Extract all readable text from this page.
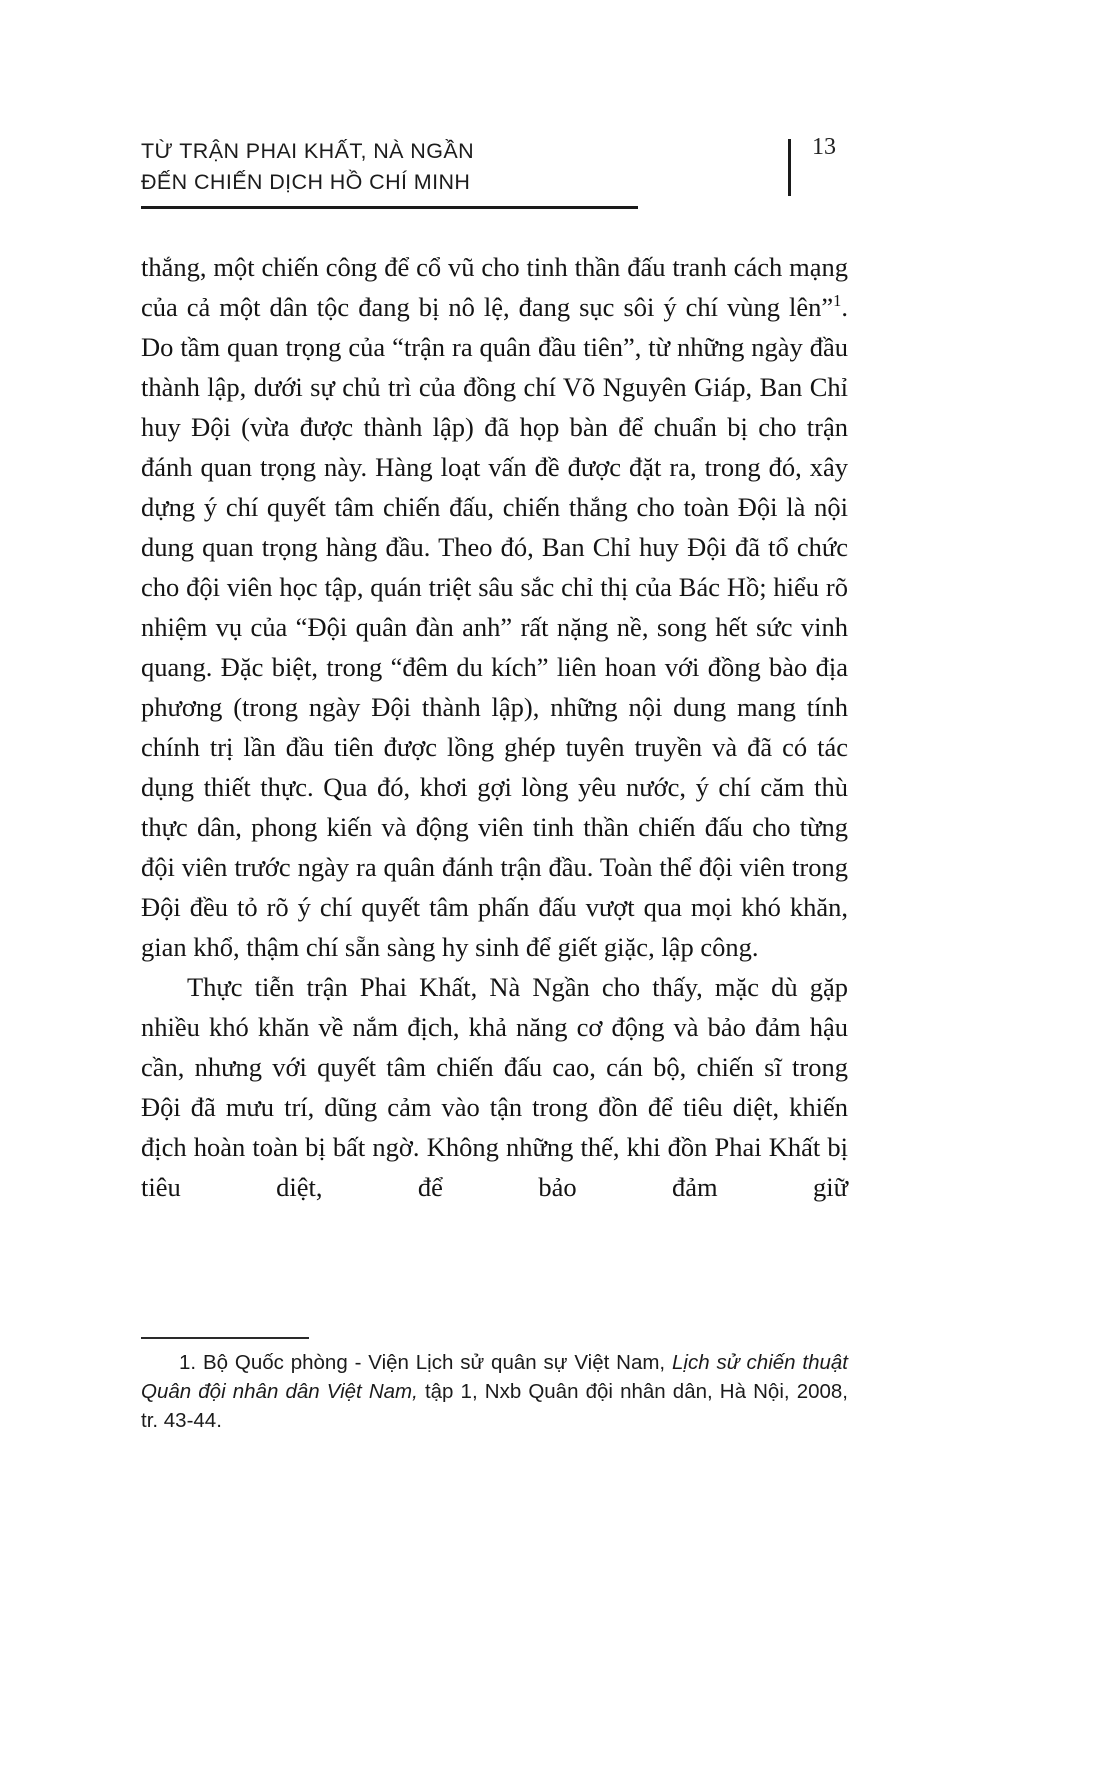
TỪ TRẬN PHAI KHẤT, NÀ NGẦN
ĐẾN CHIẾN DỊCH HỒ CHÍ MINH
13

thắng, một chiến công để cổ vũ cho tinh thần đấu tranh cách mạng của cả một dân tộc đang bị nô lệ, đang sục sôi ý chí vùng lên”$^1$. Do tầm quan trọng của “trận ra quân đầu tiên”, từ những ngày đầu thành lập, dưới sự chủ trì của đồng chí Võ Nguyên Giáp, Ban Chỉ huy Đội (vừa được thành lập) đã họp bàn để chuẩn bị cho trận đánh quan trọng này. Hàng loạt vấn đề được đặt ra, trong đó, xây dựng ý chí quyết tâm chiến đấu, chiến thắng cho toàn Đội là nội dung quan trọng hàng đầu. Theo đó, Ban Chỉ huy Đội đã tổ chức cho đội viên học tập, quán triệt sâu sắc chỉ thị của Bác Hồ; hiểu rõ nhiệm vụ của “Đội quân đàn anh” rất nặng nề, song hết sức vinh quang. Đặc biệt, trong “đêm du kích” liên hoan với đồng bào địa phương (trong ngày Đội thành lập), những nội dung mang tính chính trị lần đầu tiên được lồng ghép tuyên truyền và đã có tác dụng thiết thực. Qua đó, khơi gợi lòng yêu nước, ý chí căm thù thực dân, phong kiến và động viên tinh thần chiến đấu cho từng đội viên trước ngày ra quân đánh trận đầu. Toàn thể đội viên trong Đội đều tỏ rõ ý chí quyết tâm phấn đấu vượt qua mọi khó khăn, gian khổ, thậm chí sẵn sàng hy sinh để giết giặc, lập công.

Thực tiễn trận Phai Khất, Nà Ngần cho thấy, mặc dù gặp nhiều khó khăn về nắm địch, khả năng cơ động và bảo đảm hậu cần, nhưng với quyết tâm chiến đấu cao, cán bộ, chiến sĩ trong Đội đã mưu trí, dũng cảm vào tận trong đồn để tiêu diệt, khiến địch hoàn toàn bị bất ngờ. Không những thế, khi đồn Phai Khất bị tiêu diệt, để bảo đảm giữ

1. Bộ Quốc phòng - Viện Lịch sử quân sự Việt Nam, Lịch sử chiến thuật Quân đội nhân dân Việt Nam, tập 1, Nxb Quân đội nhân dân, Hà Nội, 2008, tr. 43-44.
